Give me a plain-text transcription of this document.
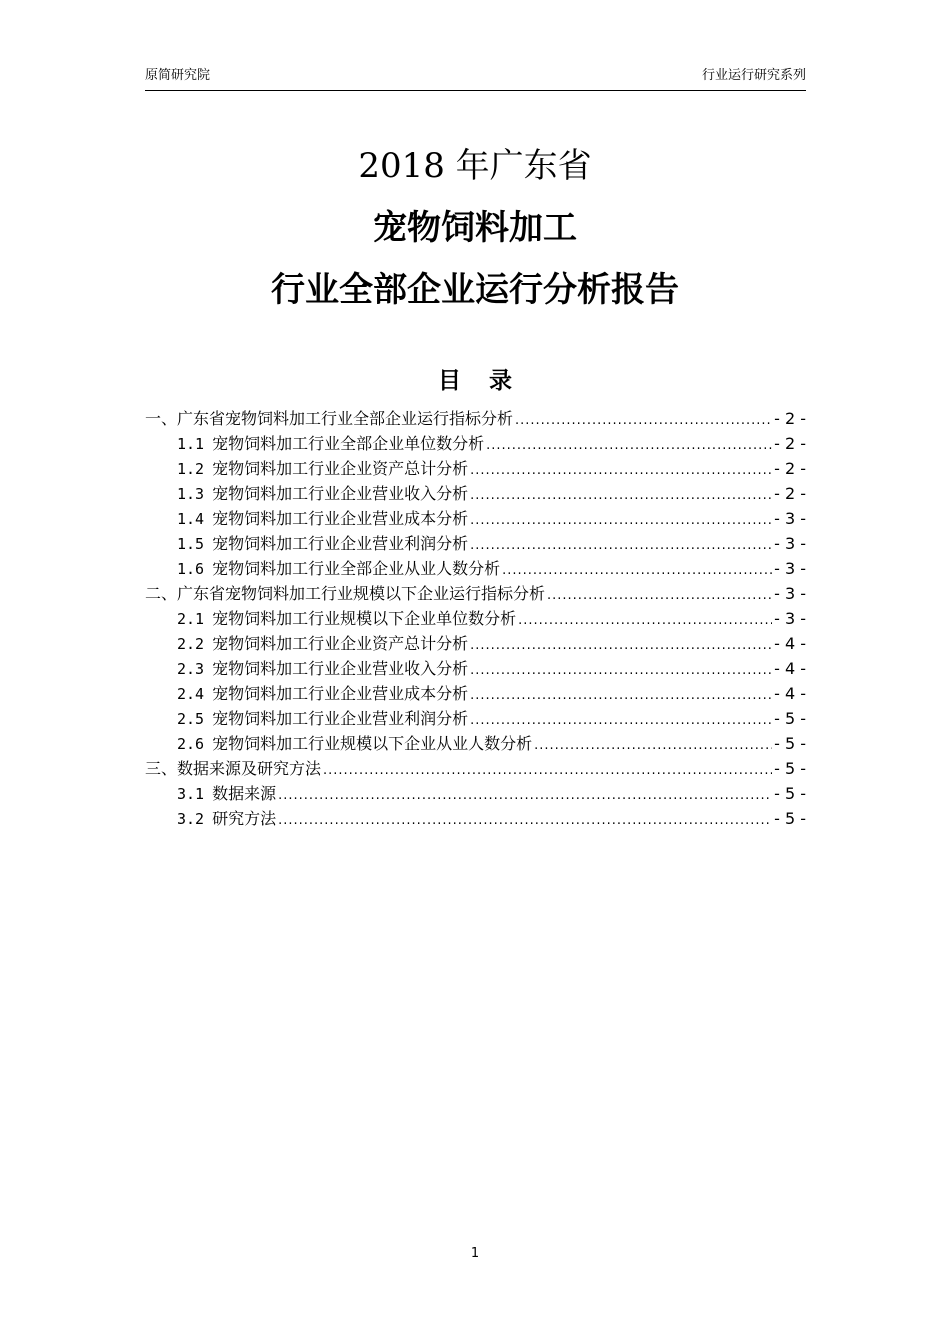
原简研究院	行业运行研究系列
2018 年广东省
宠物饲料加工
行业全部企业运行分析报告
目 录
一、广东省宠物饲料加工行业全部企业运行指标分析 .....	- 2 -
1.1 宠物饲料加工行业全部企业单位数分析 .....	- 2 -
1.2 宠物饲料加工行业企业资产总计分析 .....	- 2 -
1.3 宠物饲料加工行业企业营业收入分析 .....	- 2 -
1.4 宠物饲料加工行业企业营业成本分析 .....	- 3 -
1.5 宠物饲料加工行业企业营业利润分析 .....	- 3 -
1.6 宠物饲料加工行业全部企业从业人数分析 .....	- 3 -
二、广东省宠物饲料加工行业规模以下企业运行指标分析 .....	- 3 -
2.1 宠物饲料加工行业规模以下企业单位数分析 .....	- 3 -
2.2 宠物饲料加工行业企业资产总计分析 .....	- 4 -
2.3 宠物饲料加工行业企业营业收入分析 .....	- 4 -
2.4 宠物饲料加工行业企业营业成本分析 .....	- 4 -
2.5 宠物饲料加工行业企业营业利润分析 .....	- 5 -
2.6 宠物饲料加工行业规模以下企业从业人数分析 .....	- 5 -
三、数据来源及研究方法 .....	- 5 -
3.1 数据来源 .....	- 5 -
3.2 研究方法 .....	- 5 -
1
